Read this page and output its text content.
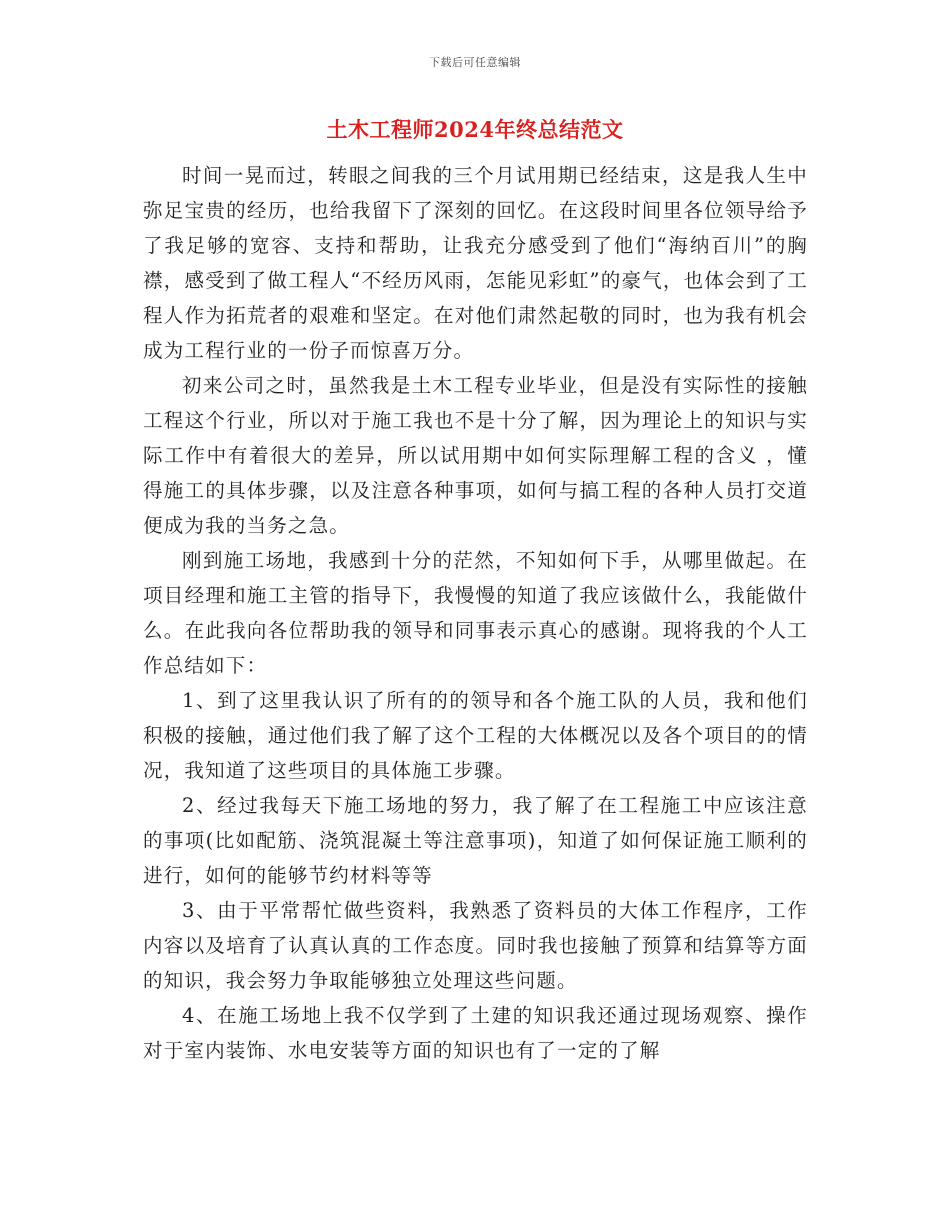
下载后可任意编辑
土木工程师2024年终总结范文

时间一晃而过，转眼之间我的三个月试用期已经结束，这是我人生中弥足宝贵的经历，也给我留下了深刻的回忆。在这段时间里各位领导给予了我足够的宽容、支持和帮助，让我充分感受到了他们“海纳百川”的胸襟，感受到了做工程人“不经历风雨，怎能见彩虹”的豪气，也体会到了工程人作为拓荒者的艰难和坚定。在对他们肃然起敬的同时，也为我有机会成为工程行业的一份子而惊喜万分。

初来公司之时，虽然我是土木工程专业毕业，但是没有实际性的接触工程这个行业，所以对于施工我也不是十分了解，因为理论上的知识与实际工作中有着很大的差异，所以试用期中如何实际理解工程的含义 ，懂得施工的具体步骤，以及注意各种事项，如何与搞工程的各种人员打交道便成为我的当务之急。

刚到施工场地，我感到十分的茫然，不知如何下手，从哪里做起。在项目经理和施工主管的指导下，我慢慢的知道了我应该做什么，我能做什么。在此我向各位帮助我的领导和同事表示真心的感谢。现将我的个人工作总结如下：

1、到了这里我认识了所有的的领导和各个施工队的人员，我和他们积极的接触，通过他们我了解了这个工程的大体概况以及各个项目的的情况，我知道了这些项目的具体施工步骤。

2、经过我每天下施工场地的努力，我了解了在工程施工中应该注意的事项(比如配筋、浇筑混凝土等注意事项)，知道了如何保证施工顺利的进行，如何的能够节约材料等等

3、由于平常帮忙做些资料，我熟悉了资料员的大体工作程序，工作内容以及培育了认真认真的工作态度。同时我也接触了预算和结算等方面的知识，我会努力争取能够独立处理这些问题。

4、在施工场地上我不仅学到了土建的知识我还通过现场观察、操作对于室内装饰、水电安装等方面的知识也有了一定的了解
